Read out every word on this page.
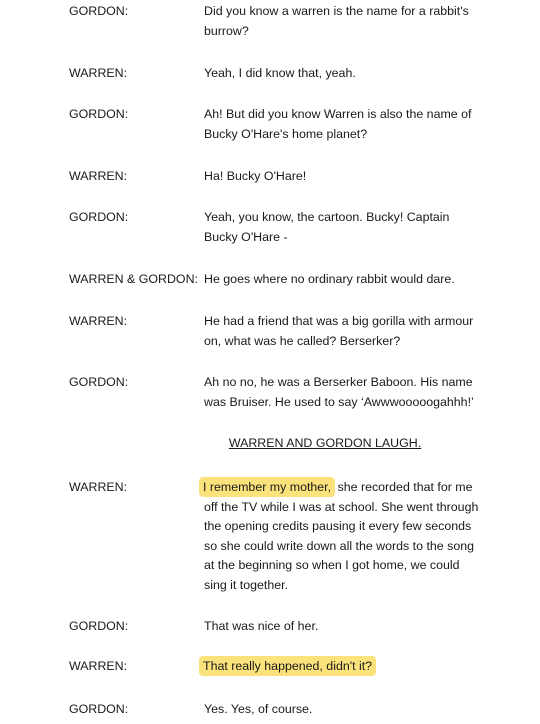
GORDON:	Did you know a warren is the name for a rabbit's
burrow?
WARREN:	Yeah, I did know that, yeah.
GORDON:	Ah! But did you know Warren is also the name of
Bucky O'Hare's home planet?
WARREN:	Ha! Bucky O'Hare!
GORDON:	Yeah, you know, the cartoon. Bucky! Captain
Bucky O'Hare -
WARREN & GORDON: He goes where no ordinary rabbit would dare.
WARREN:	He had a friend that was a big gorilla with armour
on, what was he called? Berserker?
GORDON:	Ah no no, he was a Berserker Baboon. His name
was Bruiser. He used to say ‘Awwwooooogahhh!’
WARREN AND GORDON LAUGH.
WARREN:	I remember my mother, she recorded that for me
off the TV while I was at school. She went through
the opening credits pausing it every few seconds
so she could write down all the words to the song
at the beginning so when I got home, we could
sing it together.
GORDON:	That was nice of her.
WARREN:	That really happened, didn't it?
GORDON:	Yes. Yes, of course.
